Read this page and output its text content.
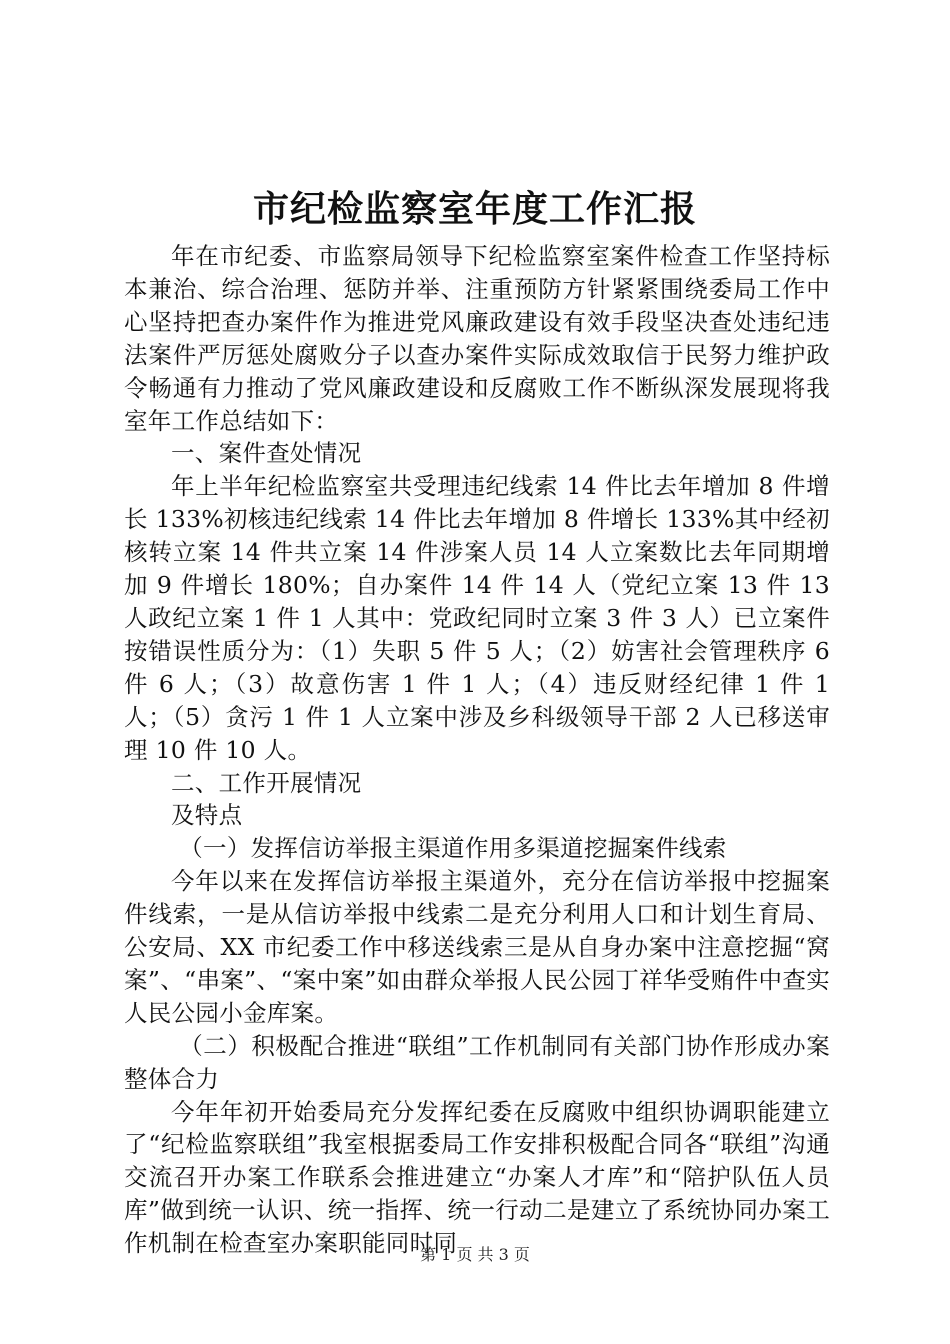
市纪检监察室年度工作汇报

年在市纪委、市监察局领导下纪检监察室案件检查工作坚持标本兼治、综合治理、惩防并举、注重预防方针紧紧围绕委局工作中心坚持把查办案件作为推进党风廉政建设有效手段坚决查处违纪违法案件严厉惩处腐败分子以查办案件实际成效取信于民努力维护政令畅通有力推动了党风廉政建设和反腐败工作不断纵深发展现将我室年工作总结如下：

一、案件查处情况

年上半年纪检监察室共受理违纪线索 14 件比去年增加 8 件增长 133%初核违纪线索 14 件比去年增加 8 件增长 133%其中经初核转立案 14 件共立案 14 件涉案人员 14 人立案数比去年同期增加 9 件增长 180%；自办案件 14 件 14 人（党纪立案 13 件 13 人政纪立案 1 件 1 人其中：党政纪同时立案 3 件 3 人）已立案件按错误性质分为：（1）失职 5 件 5 人；（2）妨害社会管理秩序 6 件 6 人；（3）故意伤害 1 件 1 人；（4）违反财经纪律 1 件 1 人；（5）贪污 1 件 1 人立案中涉及乡科级领导干部 2 人已移送审理 10 件 10 人。

二、工作开展情况

及特点

（一）发挥信访举报主渠道作用多渠道挖掘案件线索

今年以来在发挥信访举报主渠道外，充分在信访举报中挖掘案件线索，一是从信访举报中线索二是充分利用人口和计划生育局、公安局、XX 市纪委工作中移送线索三是从自身办案中注意挖掘“窝案”、“串案”、“案中案”如由群众举报人民公园丁祥华受贿件中查实人民公园小金库案。

（二）积极配合推进“联组”工作机制同有关部门协作形成办案整体合力

今年年初开始委局充分发挥纪委在反腐败中组织协调职能建立了“纪检监察联组”我室根据委局工作安排积极配合同各“联组”沟通交流召开办案工作联系会推进建立“办案人才库”和“陪护队伍人员库”做到统一认识、统一指挥、统一行动二是建立了系统协同办案工作机制在检查室办案职能同时同

第 1 页 共 3 页
